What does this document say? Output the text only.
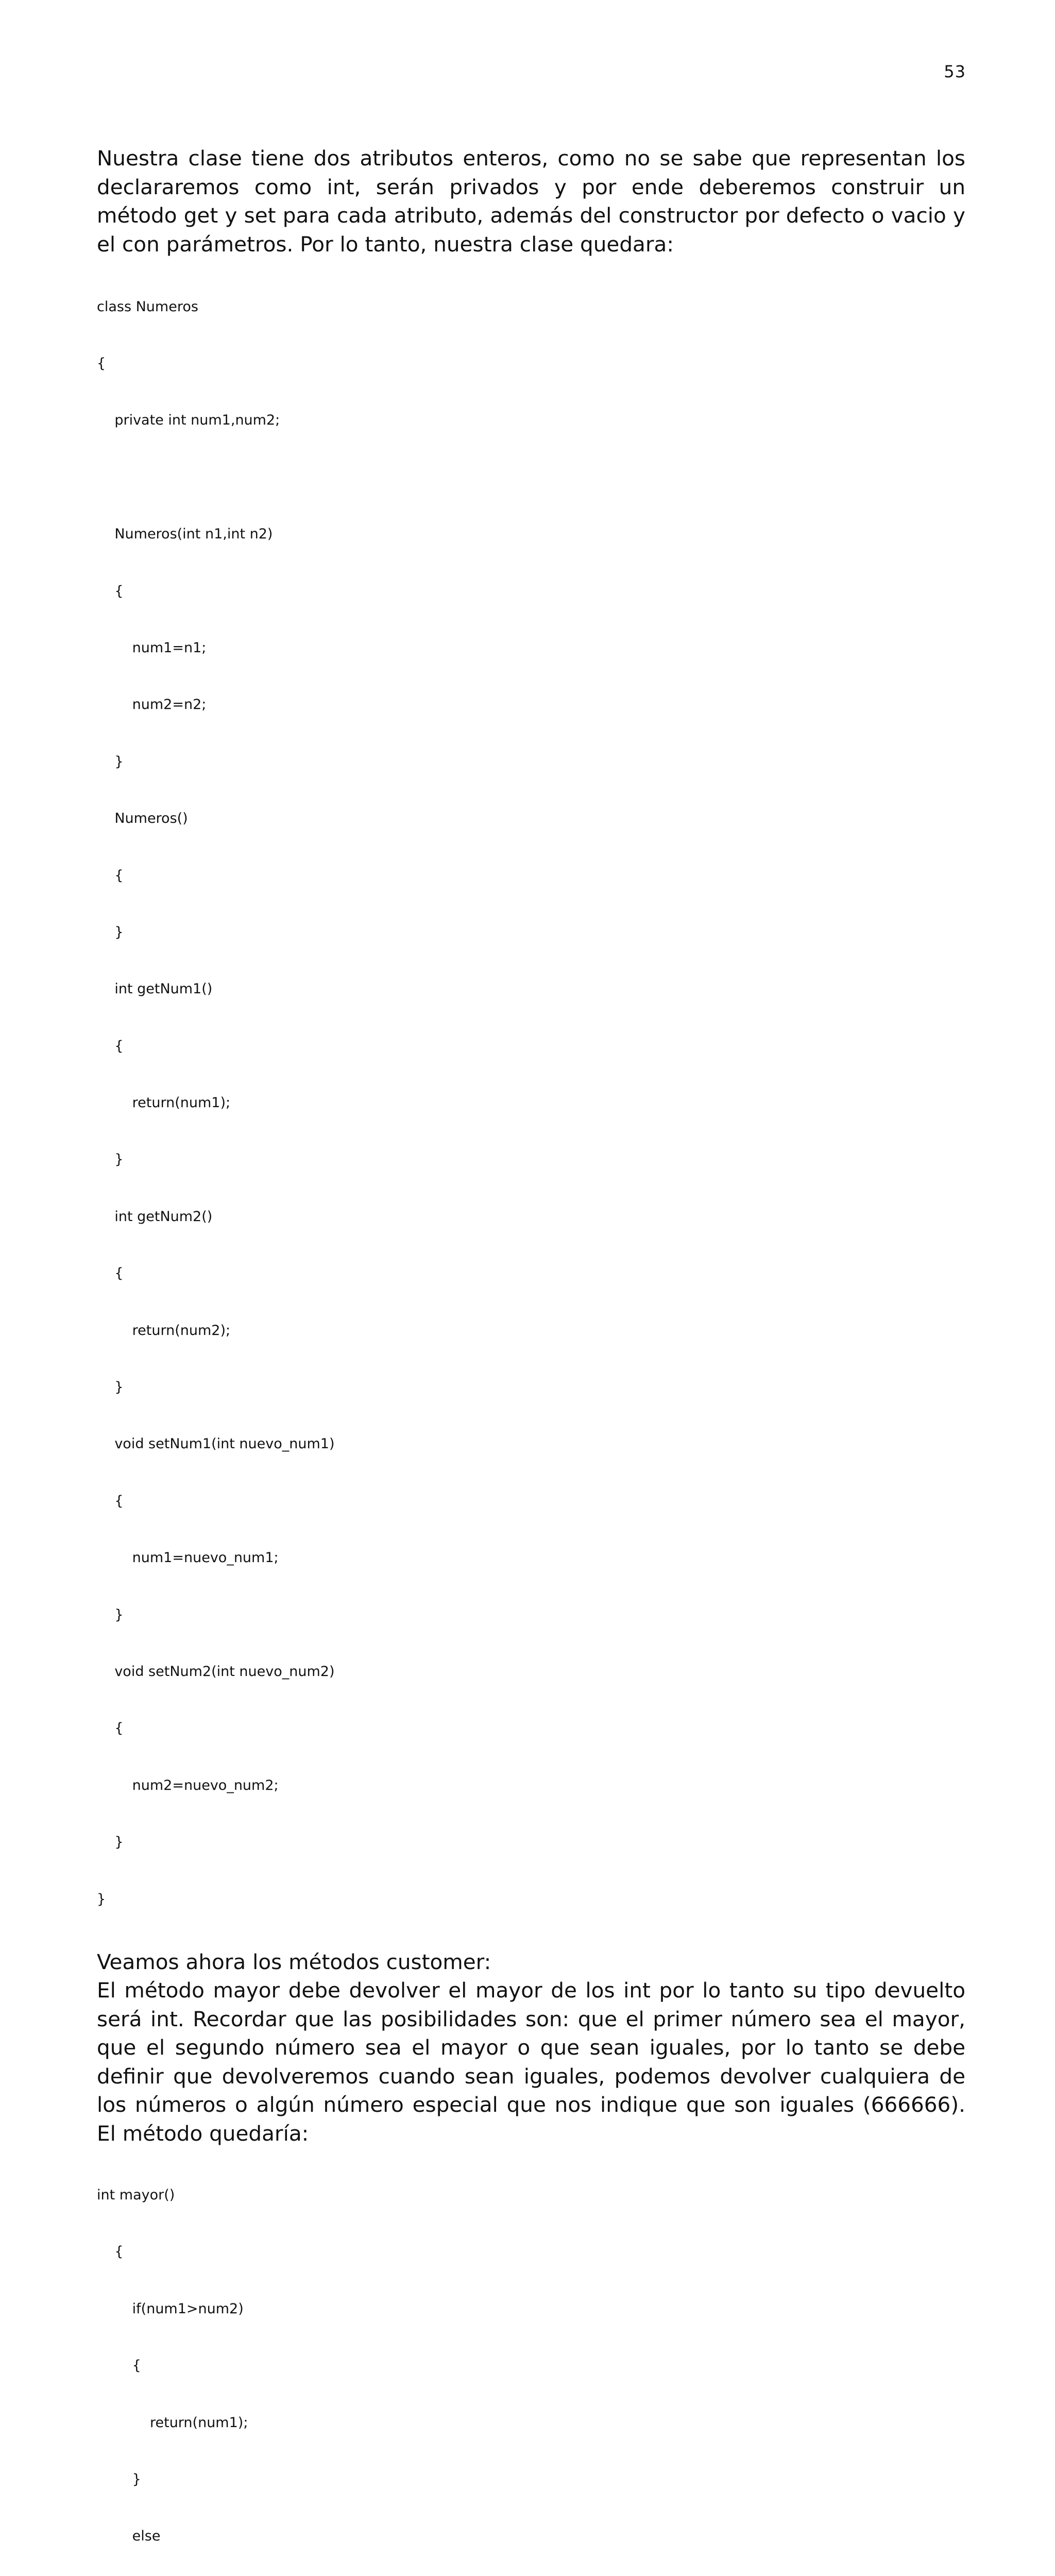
53

Nuestra clase tiene dos atributos enteros, como no se sabe que representan los declararemos como int, serán privados y por ende deberemos construir un método get y set para cada atributo, además del constructor por defecto o vacio y el con parámetros. Por lo tanto, nuestra clase quedara:

class Numeros

{

private int num1,num2;

Numeros(int n1,int n2)

{

num1=n1;

num2=n2;

}

Numeros()

{

}

int getNum1()

{

return(num1);

}

int getNum2()

{

return(num2);

}

void setNum1(int nuevo_num1)

{

num1=nuevo_num1;

}

void setNum2(int nuevo_num2)

{

num2=nuevo_num2;

}

}

Veamos ahora los métodos customer:

El método mayor debe devolver el mayor de los int por lo tanto su tipo devuelto será int. Recordar que las posibilidades son: que el primer número sea el mayor, que el segundo número sea el mayor o que sean iguales, por lo tanto se debe definir que devolveremos cuando sean iguales, podemos devolver cualquiera de los números o algún número especial que nos indique que son iguales (666666). El método quedaría:

int mayor()

{

if(num1>num2)

{

return(num1);

}

else
